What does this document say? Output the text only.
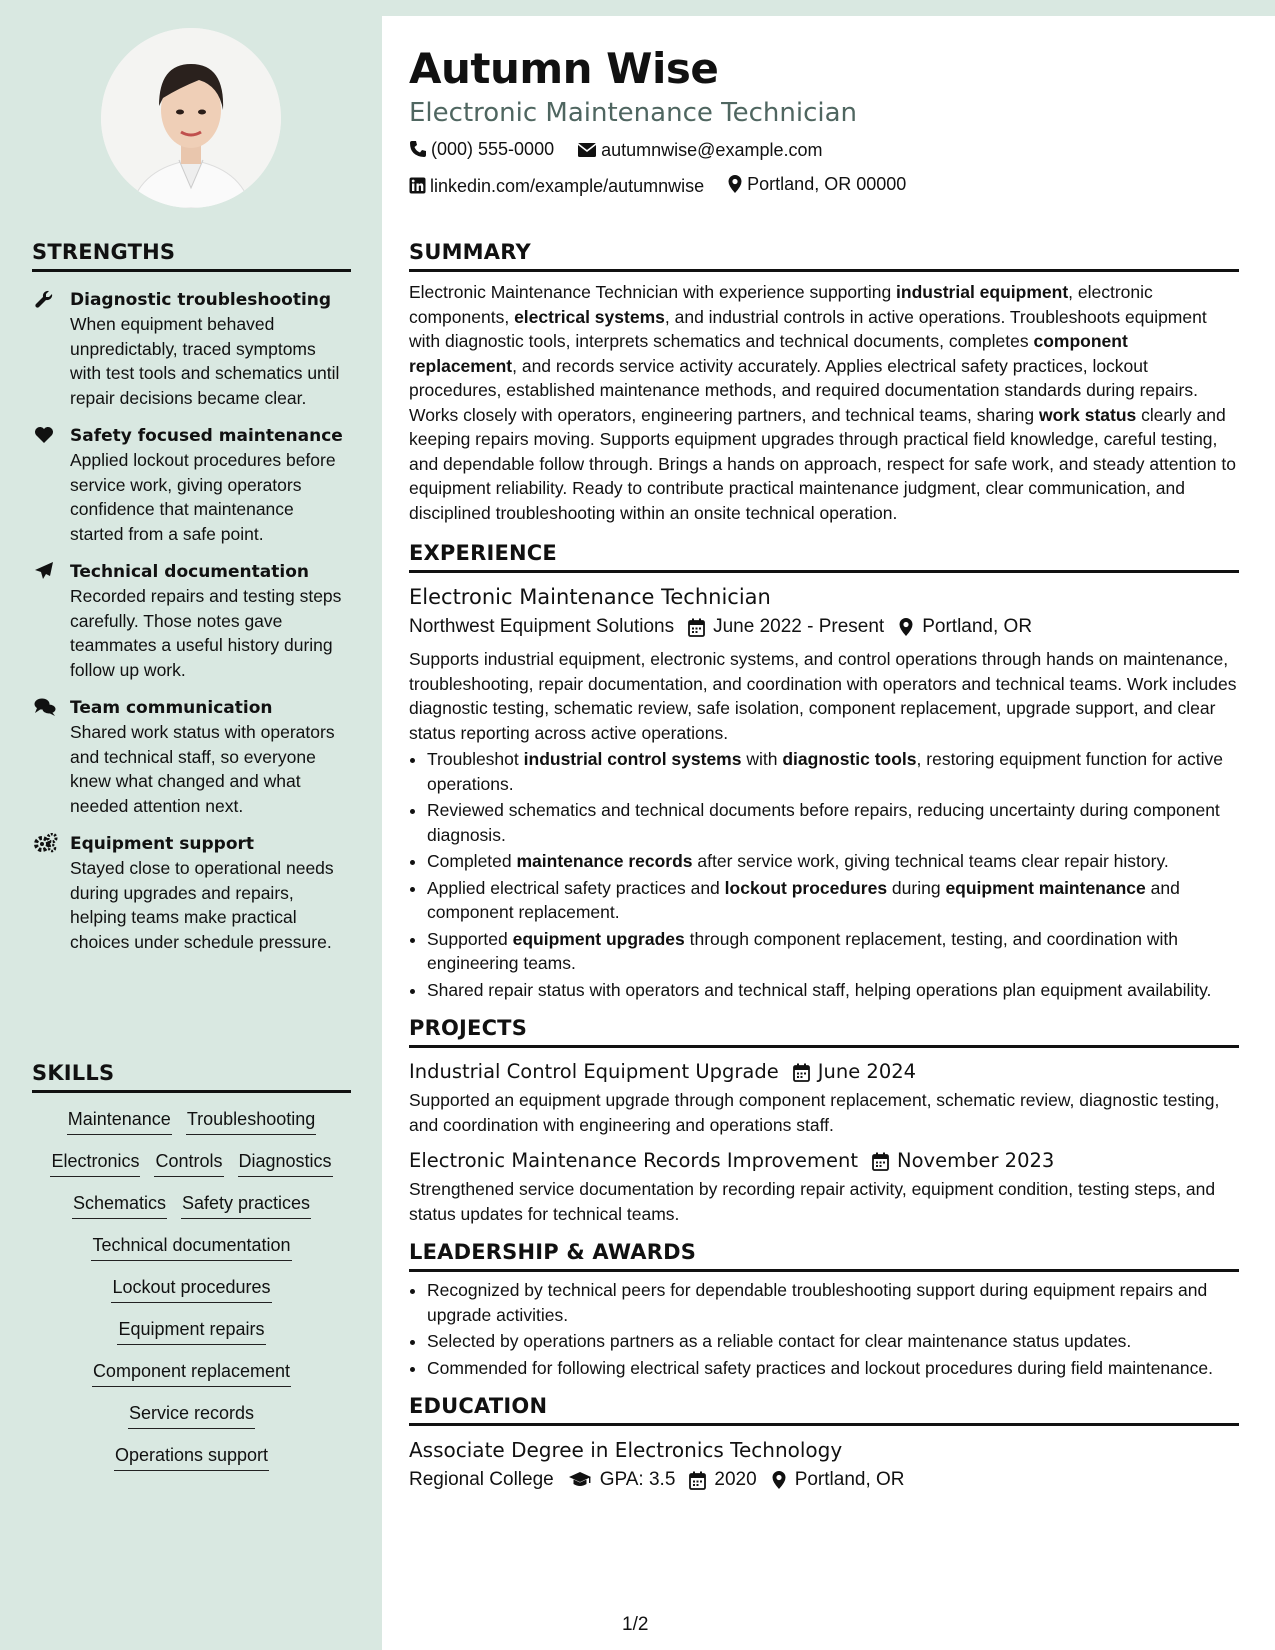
STRENGTHS
Diagnostic troubleshooting
When equipment behaved unpredictably, traced symptoms with test tools and schematics until repair decisions became clear.
Safety focused maintenance
Applied lockout procedures before service work, giving operators confidence that maintenance started from a safe point.
Technical documentation
Recorded repairs and testing steps carefully. Those notes gave teammates a useful history during follow up work.
Team communication
Shared work status with operators and technical staff, so everyone knew what changed and what needed attention next.
Equipment support
Stayed close to operational needs during upgrades and repairs, helping teams make practical choices under schedule pressure.
SKILLS
Maintenance Troubleshooting
Electronics Controls Diagnostics
Schematics Safety practices
Technical documentation
Lockout procedures
Equipment repairs
Component replacement
Service records
Operations support
Autumn Wise
Electronic Maintenance Technician
(000) 555-0000
	autumnwise@example.com
linkedin.com/example/autumnwise
Portland, OR 00000
SUMMARY

Electronic Maintenance Technician with experience supporting industrial equipment, electronic components, electrical systems, and industrial controls in active operations. Troubleshoots equipment with diagnostic tools, interprets schematics and technical documents, completes component replacement, and records service activity accurately. Applies electrical safety practices, lockout procedures, established maintenance methods, and required documentation standards during repairs. Works closely with operators, engineering partners, and technical teams, sharing work status clearly and keeping repairs moving. Supports equipment upgrades through practical field knowledge, careful testing, and dependable follow through. Brings a hands on approach, respect for safe work, and steady attention to equipment reliability. Ready to contribute practical maintenance judgment, clear communication, and disciplined troubleshooting within an onsite technical operation.

EXPERIENCE
Electronic Maintenance Technician
Northwest Equipment Solutions June 2022 - Present Portland, OR

Supports industrial equipment, electronic systems, and control operations through hands on maintenance, troubleshooting, repair documentation, and coordination with operators and technical teams. Work includes diagnostic testing, schematic review, safe isolation, component replacement, upgrade support, and clear status reporting across active operations.

• Troubleshot industrial control systems with diagnostic tools, restoring equipment function for active operations.
• Reviewed schematics and technical documents before repairs, reducing uncertainty during component diagnosis.
• Completed maintenance records after service work, giving technical teams clear repair history.
• Applied electrical safety practices and lockout procedures during equipment maintenance and component replacement.
• Supported equipment upgrades through component replacement, testing, and coordination with engineering teams.
• Shared repair status with operators and technical staff, helping operations plan equipment availability.
PROJECTS
Industrial Control Equipment Upgrade June 2024

Supported an equipment upgrade through component replacement, schematic review, diagnostic testing, and coordination with engineering and operations staff.

Electronic Maintenance Records Improvement November 2023

Strengthened service documentation by recording repair activity, equipment condition, testing steps, and status updates for technical teams.

LEADERSHIP & AWARDS
• Recognized by technical peers for dependable troubleshooting support during equipment repairs and upgrade activities.
• Selected by operations partners as a reliable contact for clear maintenance status updates.
• Commended for following electrical safety practices and lockout procedures during field maintenance.
EDUCATION
Associate Degree in Electronics Technology
Regional College GPA: 3.5 2020 Portland, OR
1/2
